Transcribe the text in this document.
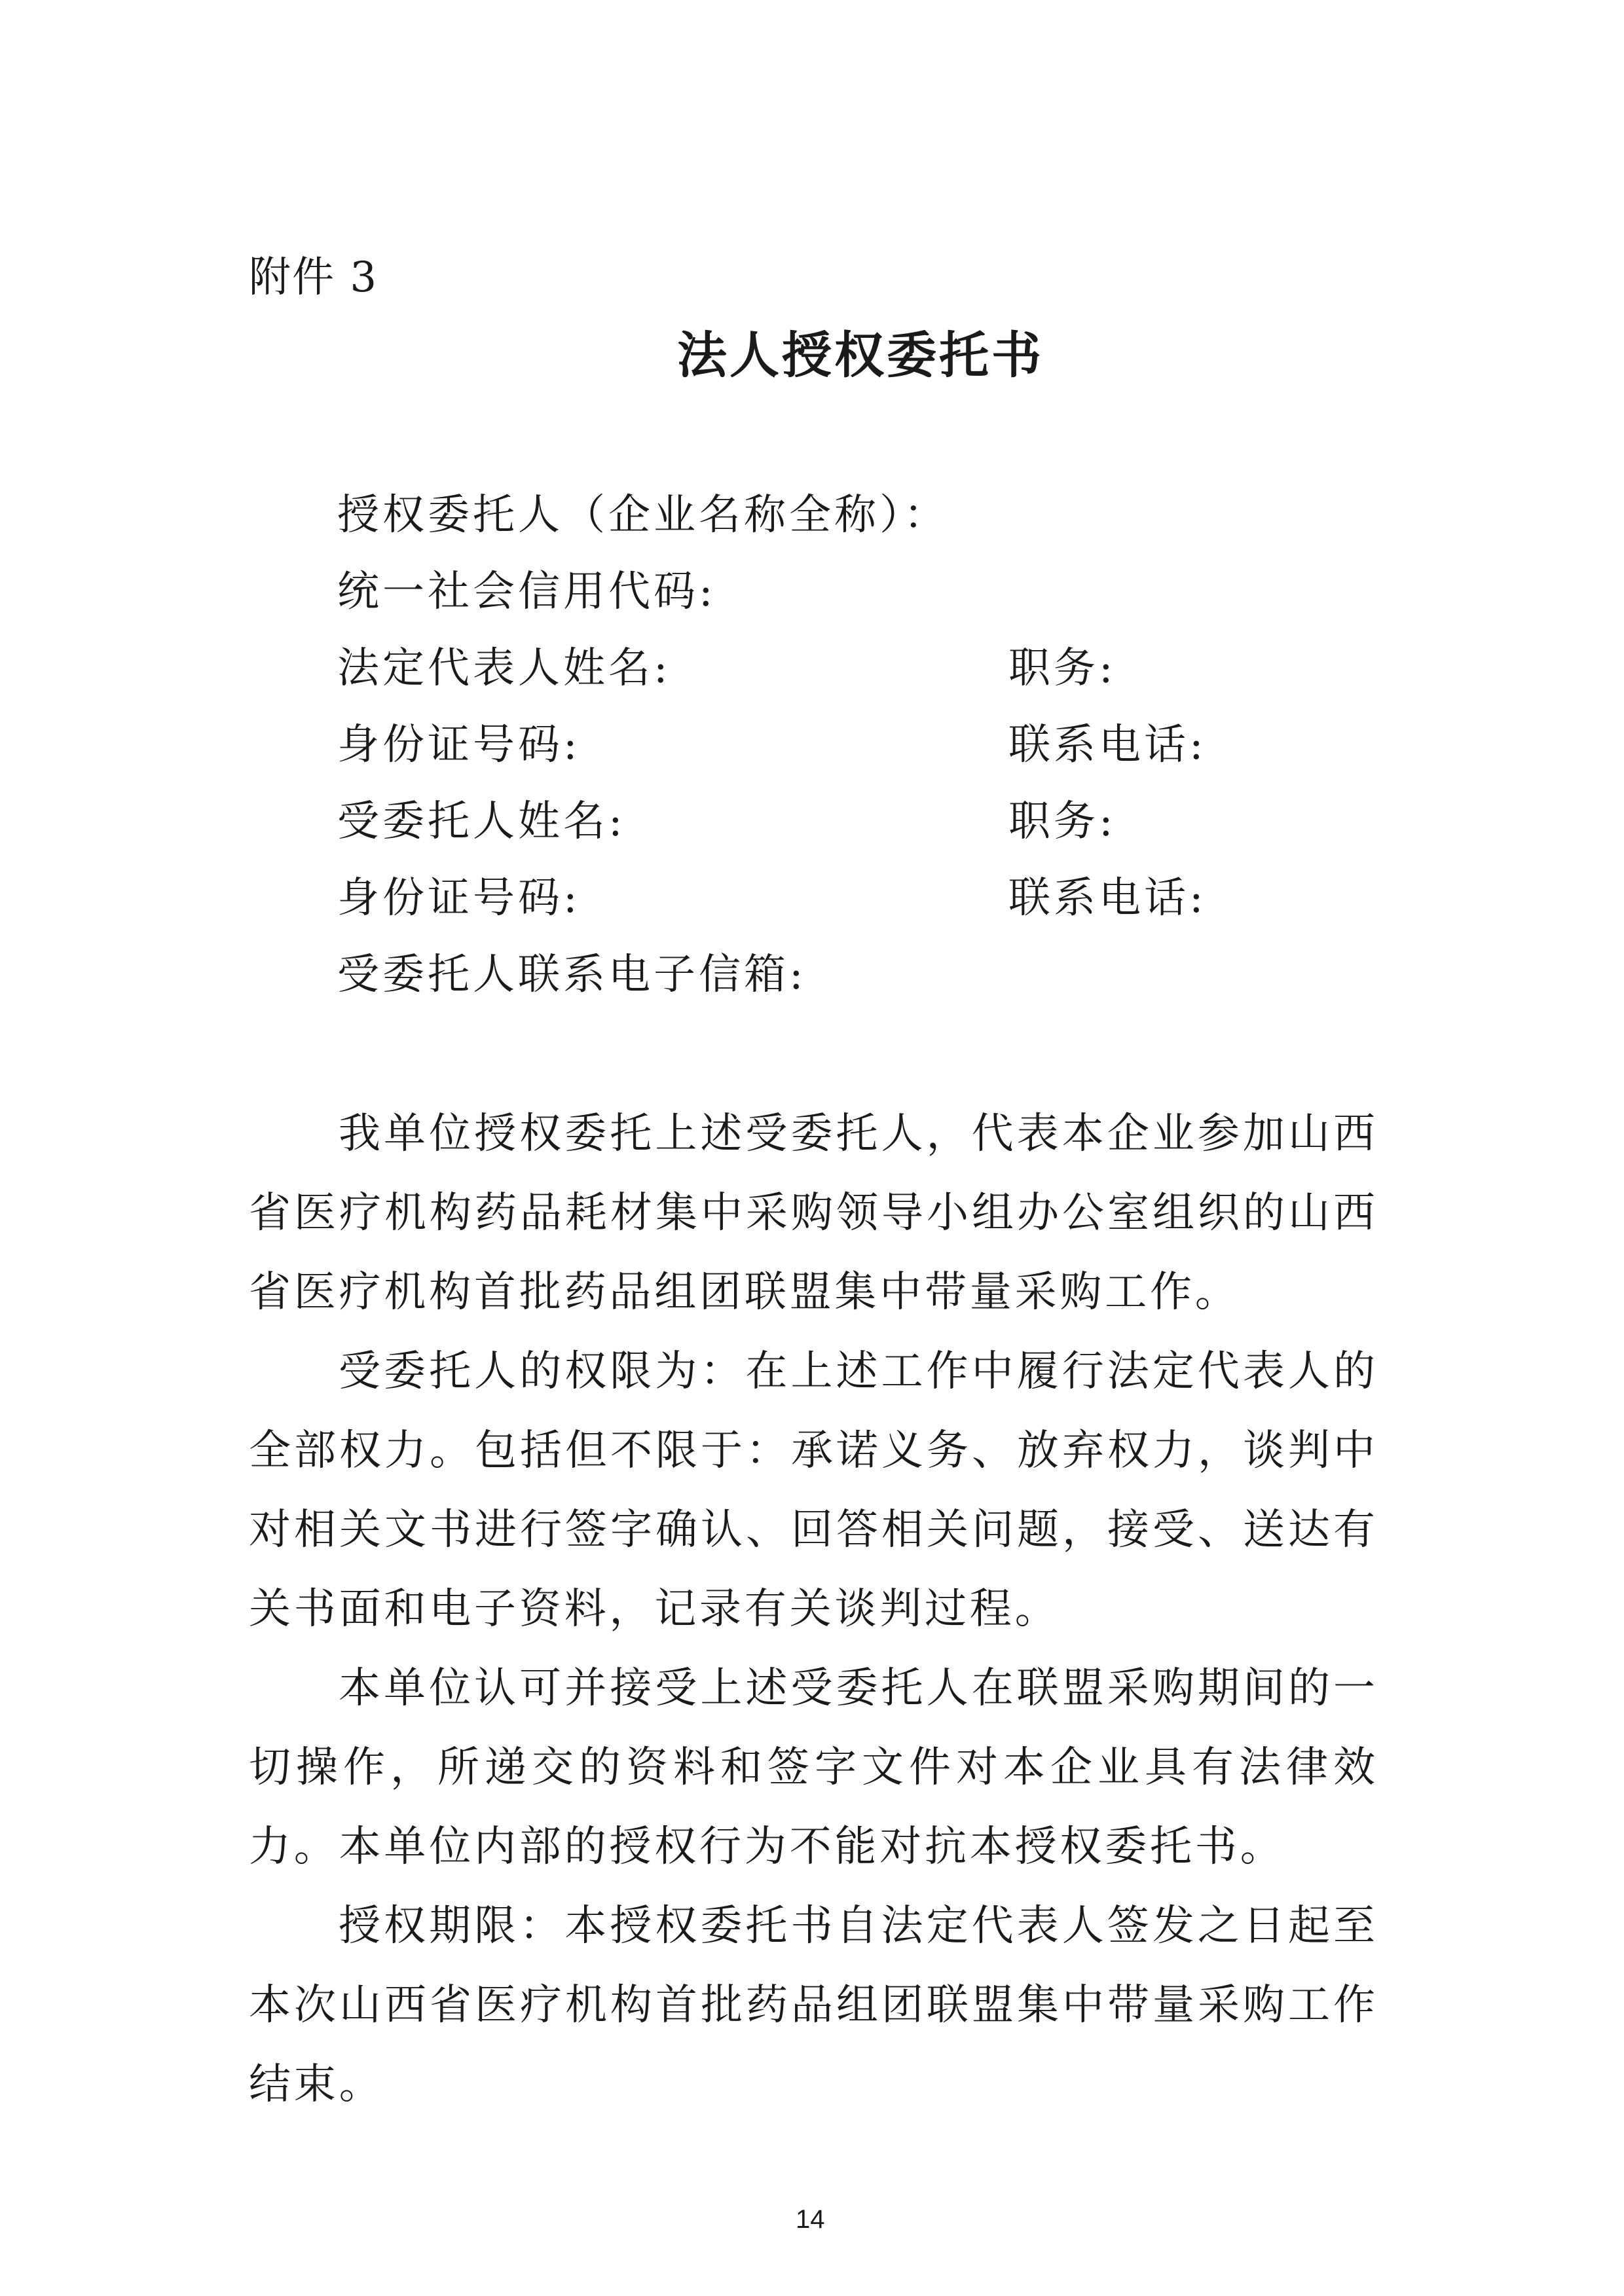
附件 3
法人授权委托书
授权委托人（企业名称全称）：
统一社会信用代码:
法定代表人姓名:	职务:
身份证号码:	联系电话:
受委托人姓名:	职务:
身份证号码:	联系电话:
受委托人联系电子信箱:
我单位授权委托上述受委托人，代表本企业参加山西
省医疗机构药品耗材集中采购领导小组办公室组织的山西
省医疗机构首批药品组团联盟集中带量采购工作。
受委托人的权限为：在上述工作中履行法定代表人的
全部权力。包括但不限于：承诺义务、放弃权力，谈判中
对相关文书进行签字确认、回答相关问题，接受、送达有
关书面和电子资料，记录有关谈判过程。
本单位认可并接受上述受委托人在联盟采购期间的一
切操作，所递交的资料和签字文件对本企业具有法律效
力。本单位内部的授权行为不能对抗本授权委托书。
授权期限：本授权委托书自法定代表人签发之日起至
本次山西省医疗机构首批药品组团联盟集中带量采购工作
结束。
14
